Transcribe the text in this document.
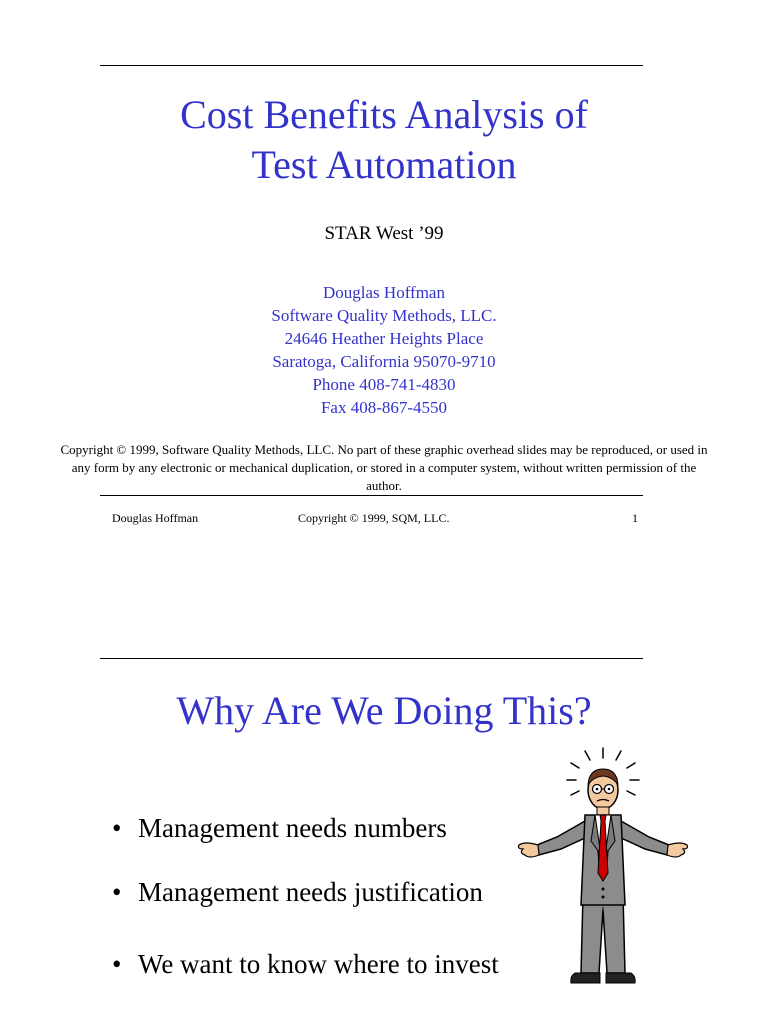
Cost Benefits Analysis of
Test Automation
STAR West ’99
Douglas Hoffman
Software Quality Methods, LLC.
24646 Heather Heights Place
Saratoga, California 95070-9710
Phone 408-741-4830
Fax 408-867-4550
Copyright © 1999, Software Quality Methods, LLC. No part of these graphic overhead slides may be reproduced, or used in any form by any electronic or mechanical duplication, or stored in a computer system, without written permission of the author.
Douglas Hoffman	Copyright © 1999, SQM, LLC.	1
Why Are We Doing This?
• Management needs numbers
• Management needs justification
• We want to know where to invest
